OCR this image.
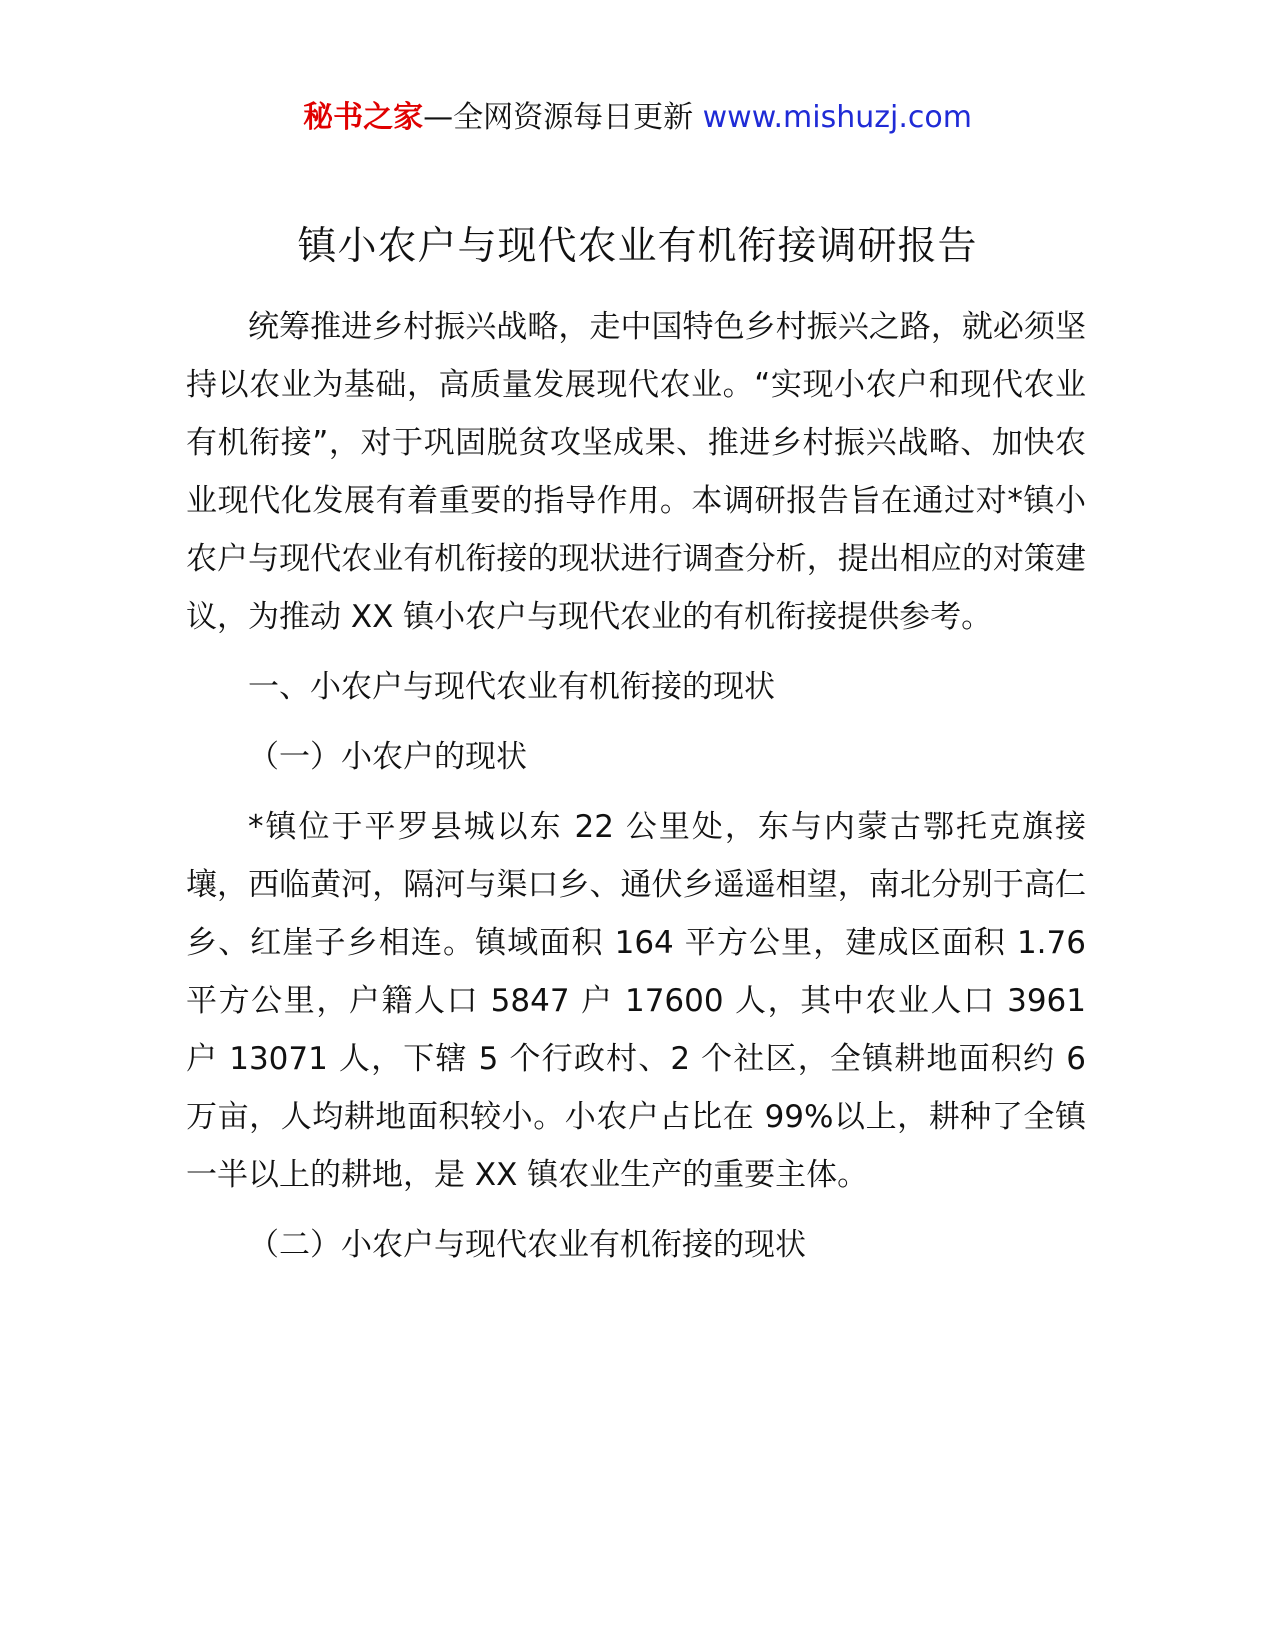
秘书之家—全网资源每日更新 www.mishuzj.com
镇小农户与现代农业有机衔接调研报告

统筹推进乡村振兴战略，走中国特色乡村振兴之路，就必须坚持以农业为基础，高质量发展现代农业。“实现小农户和现代农业有机衔接”，对于巩固脱贫攻坚成果、推进乡村振兴战略、加快农业现代化发展有着重要的指导作用。本调研报告旨在通过对*镇小农户与现代农业有机衔接的现状进行调查分析，提出相应的对策建议，为推动 XX 镇小农户与现代农业的有机衔接提供参考。

一、小农户与现代农业有机衔接的现状

（一）小农户的现状

*镇位于平罗县城以东 22 公里处，东与内蒙古鄂托克旗接壤，西临黄河，隔河与渠口乡、通伏乡遥遥相望，南北分别于高仁乡、红崖子乡相连。镇域面积 164 平方公里，建成区面积 1.76 平方公里，户籍人口 5847 户 17600 人，其中农业人口 3961 户 13071 人，下辖 5 个行政村、2 个社区，全镇耕地面积约 6 万亩，人均耕地面积较小。小农户占比在 99%以上，耕种了全镇一半以上的耕地，是 XX 镇农业生产的重要主体。

（二）小农户与现代农业有机衔接的现状
